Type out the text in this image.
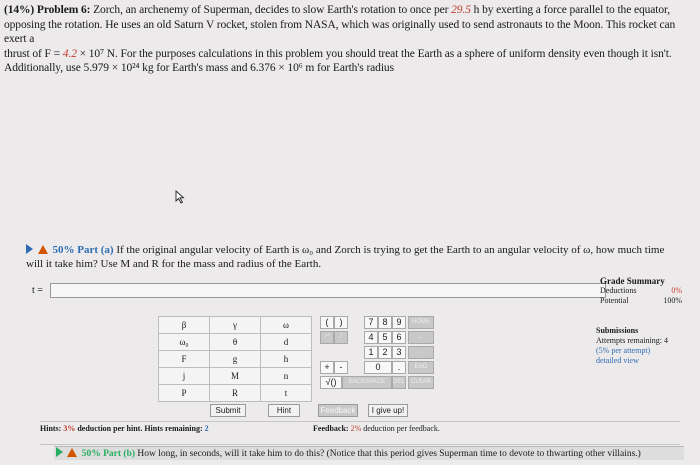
(14%) Problem 6: Zorch, an archenemy of Superman, decides to slow Earth's rotation to once per 29.5 h by exerting a force parallel to the equator,
opposing the rotation. He uses an old Saturn V rocket, stolen from NASA, which was originally used to send astronauts to the Moon. This rocket can exert a
thrust of F = 4.2 × 10⁷ N. For the purposes calculations in this problem you should treat the Earth as a sphere of uniform density even though it isn't.
Additionally, use 5.979 × 10²⁴ kg for Earth's mass and 6.376 × 10⁶ m for Earth's radius
50% Part (a) If the original angular velocity of Earth is ω₀ and Zorch is trying to get the Earth to an angular velocity of ω, how much time will it take him? Use M and R for the mass and radius of the Earth.
t =
Grade Summary
Deductions	0%
Potential	100%
Submissions
Attempts remaining: 4
(5% per attempt)
detailed view
β	γ	ω
ω₀	θ	d
F	g	h
j	M	n
P	R	t
(	)	7 8 9	HOME
↑^	/	4 5 6	←
1 2 3	→
+	-	0	.	END
√()	BACKSPACE	DEL	CLEAR
Submit	Hint	Feedback	I give up!
Hints: 3% deduction per hint. Hints remaining: 2	Feedback: 2% deduction per feedback.
50% Part (b) How long, in seconds, will it take him to do this? (Notice that this period gives Superman time to devote to thwarting other villains.)
